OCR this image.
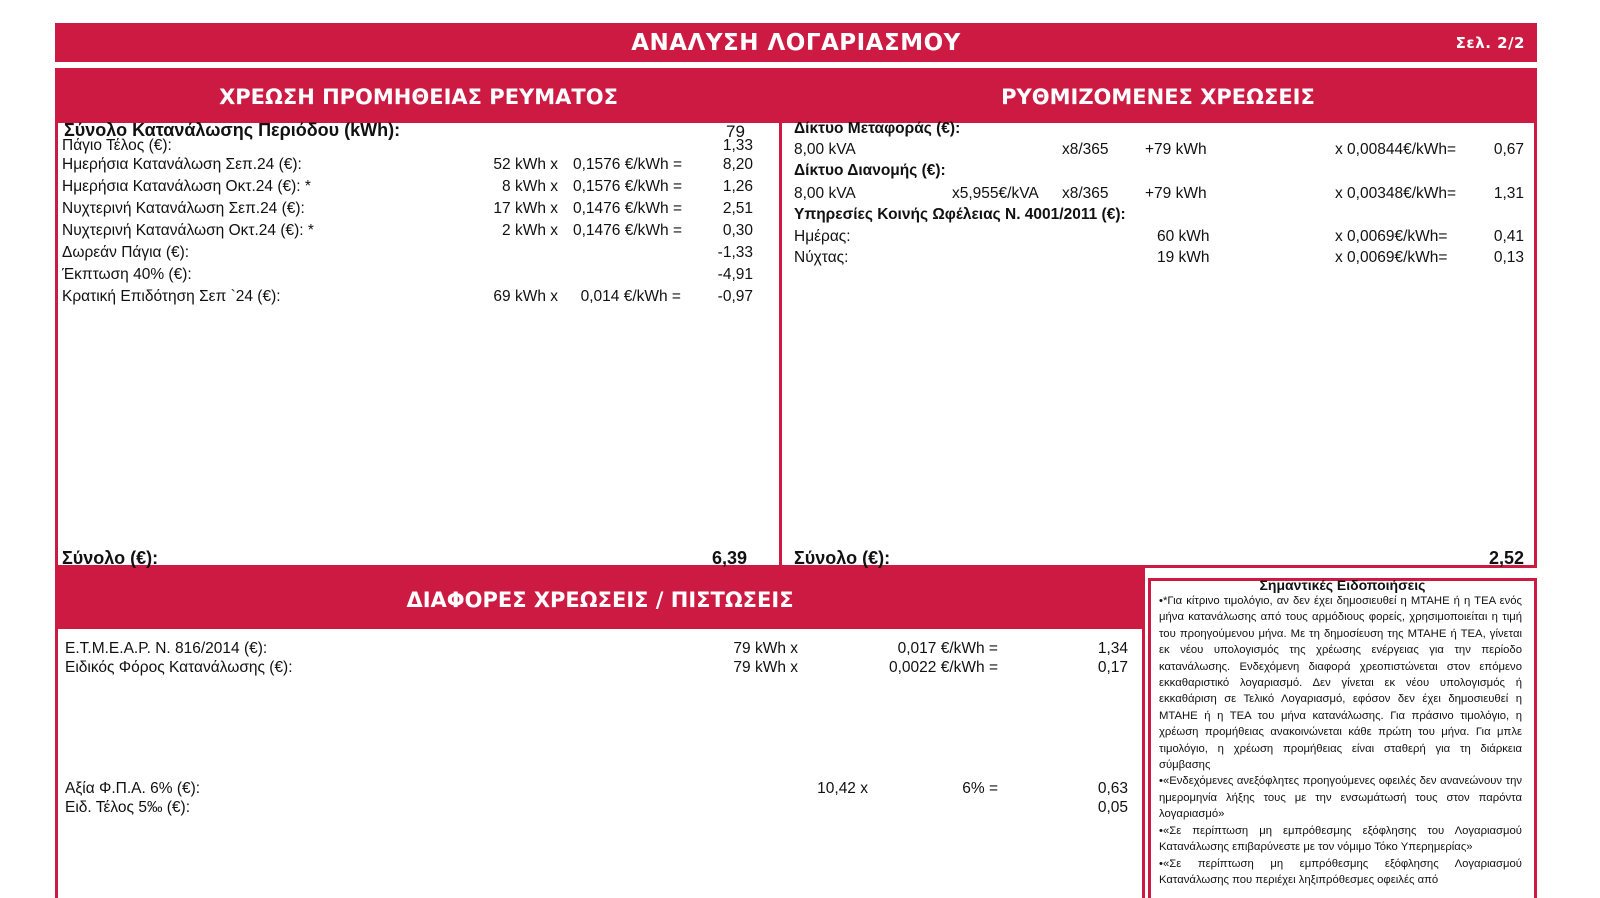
ΑΝΑΛΥΣΗ ΛΟΓΑΡΙΑΣΜΟΥ	Σελ. 2/2
ΧΡΕΩΣΗ ΠΡΟΜΗΘΕΙΑΣ ΡΕΥΜΑΤΟΣ
Σύνολο Κατανάλωσης Περιόδου (kWh):	79
Πάγιο Τέλος (€):	1,33
Ημερήσια Κατανάλωση Σεπ.24 (€):	52 kWh x 0,1576 €/kWh =	8,20
Ημερήσια Κατανάλωση Οκτ.24 (€): *	8 kWh x 0,1576 €/kWh =	1,26
Νυχτερινή Κατανάλωση Σεπ.24 (€):	17 kWh x 0,1476 €/kWh =	2,51
Νυχτερινή Κατανάλωση Οκτ.24 (€): *	2 kWh x 0,1476 €/kWh =	0,30
Δωρεάν Πάγια (€):	-1,33
Έκπτωση 40% (€):	-4,91
Κρατική Επιδότηση Σεπ `24 (€):	69 kWh x	0,014 €/kWh =	-0,97
Σύνολο (€):	6,39
ΡΥΘΜΙΖΟΜΕΝΕΣ ΧΡΕΩΣΕΙΣ
Δίκτυο Μεταφοράς (€):
8,00 kVA	x8/365 +79 kWh	x 0,00844€/kWh=	0,67
Δίκτυο Διανομής (€):
8,00 kVA	x5,955€/kVA x8/365 +79 kWh	x 0,00348€/kWh=	1,31
Υπηρεσίες Κοινής Ωφέλειας Ν. 4001/2011 (€):
Ημέρας:	60 kWh	x 0,0069€/kWh=	0,41
Νύχτας:	19 kWh	x 0,0069€/kWh=	0,13
Σύνολο (€):	2,52
ΔΙΑΦΟΡΕΣ ΧΡΕΩΣΕΙΣ / ΠΙΣΤΩΣΕΙΣ
Ε.Τ.Μ.Ε.Α.Ρ. Ν. 816/2014 (€):	79 kWh x	0,017 €/kWh =	1,34
Ειδικός Φόρος Κατανάλωσης (€):	79 kWh x	0,0022 €/kWh =	0,17
Αξία Φ.Π.Α. 6% (€):	10,42 x	6% =	0,63
Ειδ. Τέλος 5‰ (€):	0,05
Σημαντικές Ειδοποιήσεις

•*Για κίτρινο τιμολόγιο, αν δεν έχει δημοσιευθεί η ΜΤΑΗΕ ή η ΤΕΑ ενός μήνα κατανάλωσης από τους αρμόδιους φορείς, χρησιμοποιείται η τιμή του προηγούμενου μήνα. Με τη δημοσίευση της ΜΤΑΗΕ ή ΤΕΑ, γίνεται εκ νέου υπολογισμός της χρέωσης ενέργειας για την περίοδο κατανάλωσης. Ενδεχόμενη διαφορά χρεοπιστώνεται στον επόμενο εκκαθαριστικό λογαριασμό. Δεν γίνεται εκ νέου υπολογισμός ή εκκαθάριση σε Τελικό Λογαριασμό, εφόσον δεν έχει δημοσιευθεί η ΜΤΑΗΕ ή η ΤΕΑ του μήνα κατανάλωσης. Για πράσινο τιμολόγιο, η χρέωση προμήθειας ανακοινώνεται κάθε πρώτη του μήνα. Για μπλε τιμολόγιο, η χρέωση προμήθειας είναι σταθερή για τη διάρκεια σύμβασης

•«Ενδεχόμενες ανεξόφλητες προηγούμενες οφειλές δεν ανανεώνουν την ημερομηνία λήξης τους με την ενσωμάτωσή τους στον παρόντα λογαριασμό»

•«Σε περίπτωση μη εμπρόθεσμης εξόφλησης του Λογαριασμού Κατανάλωσης επιβαρύνεστε με τον νόμιμο Τόκο Υπερημερίας»

•«Σε περίπτωση μη εμπρόθεσμης εξόφλησης Λογαριασμού Κατανάλωσης που περιέχει ληξιπρόθεσμες οφειλές από
